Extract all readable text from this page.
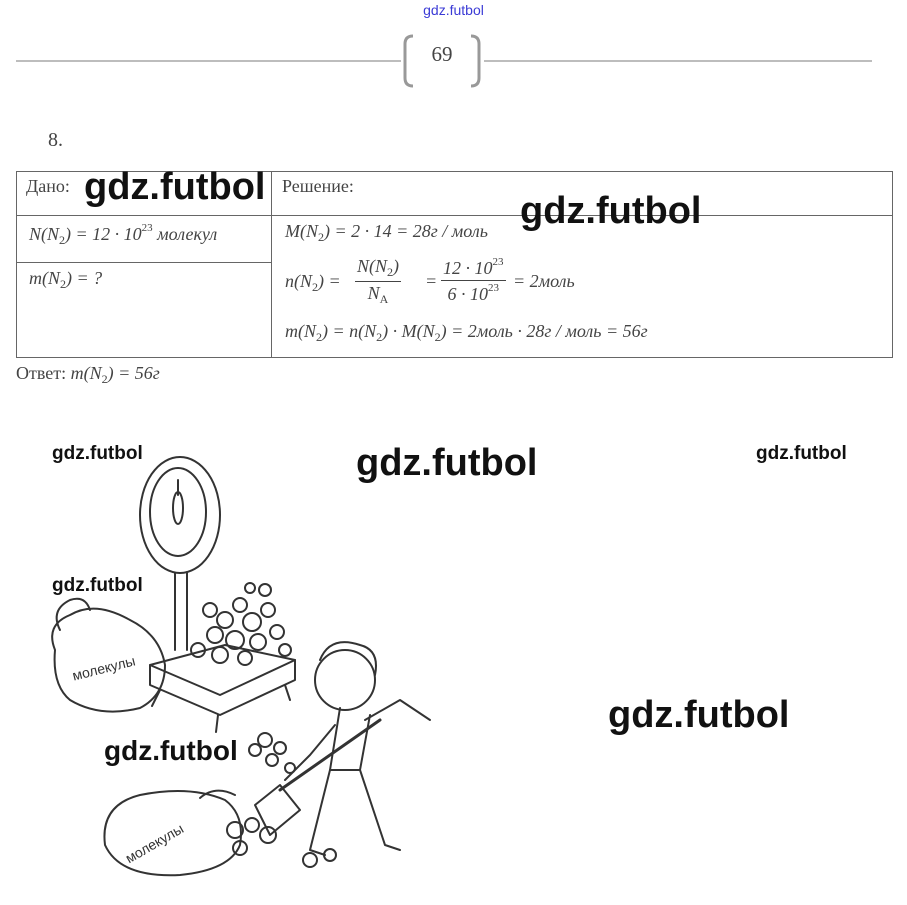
gdz.futbol
69
8.
Дано:	Решение:
$N(N_2) = 12 \cdot 10^{23}$ молекул
$m(N_2)$ = ?
$M(N_2) = 2 \cdot 14 = 28г$ / моль
$n(N_2) = \frac{N(N_2)}{N_A} = \frac{12 \cdot 10^{23}}{6 \cdot 10^{23}}$ = 2моль
$m(N_2) = n(N_2) \cdot M(N_2)$ = 2моль · 28г / моль = 56г
Ответ: $m(N_2) = 56г$
молекулы
молекулы
gdz.futbol
gdz.futbol
gdz.futbol	gdz.futbol	gdz.futbol
gdz.futbol
gdz.futbol
gdz.futbol
